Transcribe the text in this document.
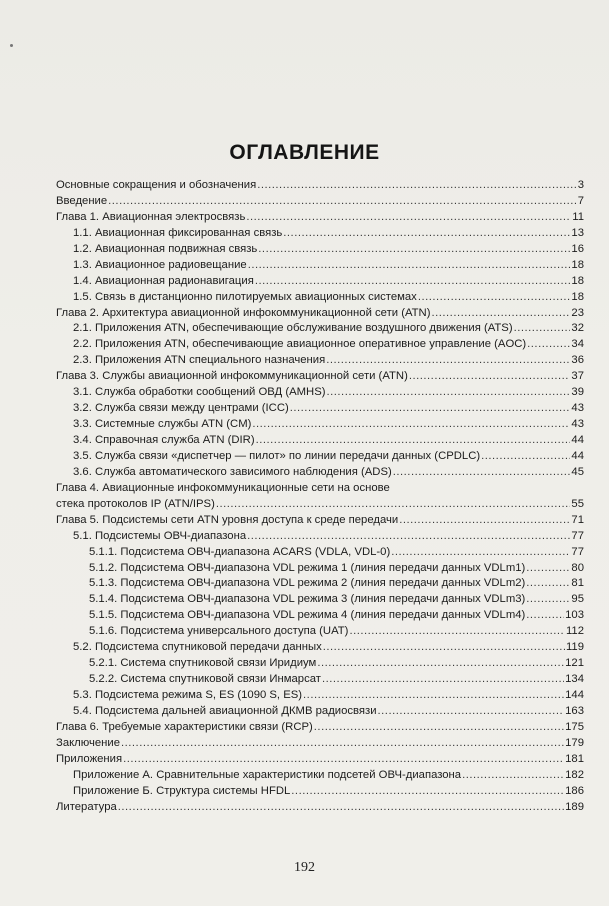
ОГЛАВЛЕНИЕ
Основные сокращения и обозначения .....	3
Введение .....	7
Глава 1. Авиационная электросвязь .....	11
1.1. Авиационная фиксированная связь .....	13
1.2. Авиационная подвижная связь .....	16
1.3. Авиационное радиовещание .....	18
1.4. Авиационная радионавигация .....	18
1.5. Связь в дистанционно пилотируемых авиационных системах .....	18
Глава 2. Архитектура авиационной инфокоммуникационной сети (ATN) .....	23
2.1. Приложения ATN, обеспечивающие обслуживание воздушного движения (ATS) .....	32
2.2. Приложения ATN, обеспечивающие авиационное оперативное управление (AOC) .....	34
2.3. Приложения ATN специального назначения .....	36
Глава 3. Службы авиационной инфокоммуникационной сети (ATN) .....	37
3.1. Служба обработки сообщений ОВД (AMHS) .....	39
3.2. Служба связи между центрами (ICC) .....	43
3.3. Системные службы ATN (CM) .....	43
3.4. Справочная служба ATN (DIR) .....	44
3.5. Служба связи «диспетчер — пилот» по линии передачи данных (CPDLC) .....	44
3.6. Служба автоматического зависимого наблюдения (ADS) .....	45
Глава 4. Авиационные инфокоммуникационные сети на основе
стека протоколов IP (ATN/IPS) .....	55
Глава 5. Подсистемы сети ATN уровня доступа к среде передачи .....	71
5.1. Подсистемы ОВЧ-диапазона .....	77
5.1.1. Подсистема ОВЧ-диапазона ACARS (VDLA, VDL-0) .....	77
5.1.2. Подсистема ОВЧ-диапазона VDL режима 1 (линия передачи данных VDLm1) .....	80
5.1.3. Подсистема ОВЧ-диапазона VDL режима 2 (линия передачи данных VDLm2) .....	81
5.1.4. Подсистема ОВЧ-диапазона VDL режима 3 (линия передачи данных VDLm3) .....	95
5.1.5. Подсистема ОВЧ-диапазона VDL режима 4 (линия передачи данных VDLm4) .....	103
5.1.6. Подсистема универсального доступа (UAT) .....	112
5.2. Подсистема спутниковой передачи данных .....	119
5.2.1. Система спутниковой связи Иридиум .....	121
5.2.2. Система спутниковой связи Инмарсат .....	134
5.3. Подсистема режима S, ES (1090 S, ES) .....	144
5.4. Подсистема дальней авиационной ДКМВ радиосвязи .....	163
Глава 6. Требуемые характеристики связи (RCP) .....	175
Заключение .....	179
Приложения .....	181
Приложение А. Сравнительные характеристики подсетей ОВЧ-диапазона .....	182
Приложение Б. Структура системы HFDL .....	186
Литература .....	189
192
